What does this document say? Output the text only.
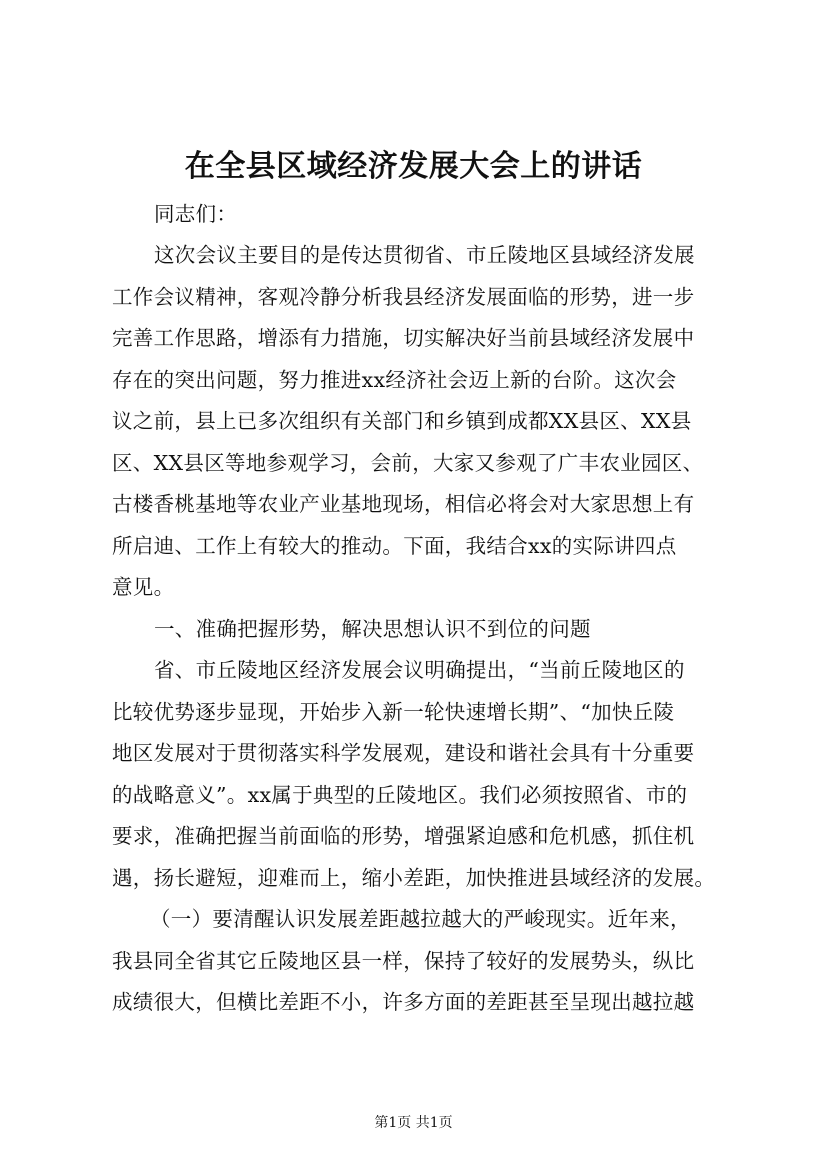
在全县区域经济发展大会上的讲话
同志们：
这次会议主要目的是传达贯彻省、市丘陵地区县域经济发展
工作会议精神，客观冷静分析我县经济发展面临的形势，进一步
完善工作思路，增添有力措施，切实解决好当前县域经济发展中
存在的突出问题，努力推进xx经济社会迈上新的台阶。这次会
议之前，县上已多次组织有关部门和乡镇到成都XX县区、XX县
区、XX县区等地参观学习，会前，大家又参观了广丰农业园区、
古楼香桃基地等农业产业基地现场，相信必将会对大家思想上有
所启迪、工作上有较大的推动。下面，我结合xx的实际讲四点
意见。
一、准确把握形势，解决思想认识不到位的问题
省、市丘陵地区经济发展会议明确提出，“当前丘陵地区的
比较优势逐步显现，开始步入新一轮快速增长期”、“加快丘陵
地区发展对于贯彻落实科学发展观，建设和谐社会具有十分重要
的战略意义”。xx属于典型的丘陵地区。我们必须按照省、市的
要求，准确把握当前面临的形势，增强紧迫感和危机感，抓住机
遇，扬长避短，迎难而上，缩小差距，加快推进县域经济的发展。
（一）要清醒认识发展差距越拉越大的严峻现实。近年来，
我县同全省其它丘陵地区县一样，保持了较好的发展势头，纵比
成绩很大，但横比差距不小，许多方面的差距甚至呈现出越拉越
第1页 共1页
